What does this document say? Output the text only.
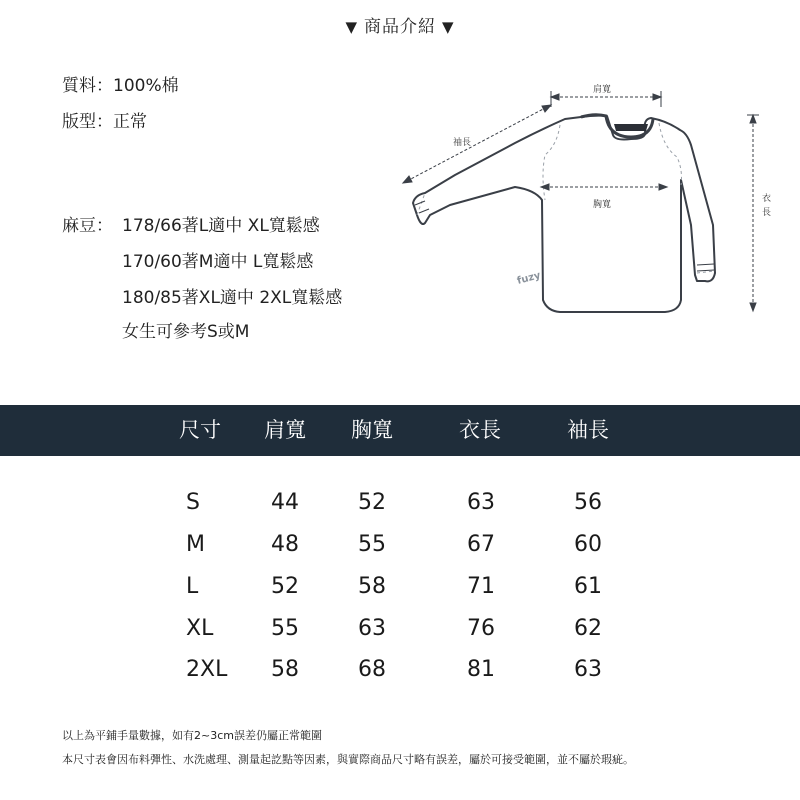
▼ 商品介紹 ▼
質料：100%棉
版型：正常
麻豆： 178/66著L適中 XL寬鬆感
170/60著M適中 L寬鬆感
180/85著XL適中 2XL寬鬆感
女生可參考S或M
肩寬
袖長
胸寬
衣
長
fuzy
尺寸	肩寬	胸寬	衣長	袖長
S	44	52	63	56
M	48	55	67	60
L	52	58	71	61
XL	55	63	76	62
2XL	58	68	81	63
以上為平鋪手量數據，如有2~3cm誤差仍屬正常範圍
本尺寸表會因布料彈性、水洗處理、測量起訖點等因素，與實際商品尺寸略有誤差，屬於可接受範圍，並不屬於瑕疵。
